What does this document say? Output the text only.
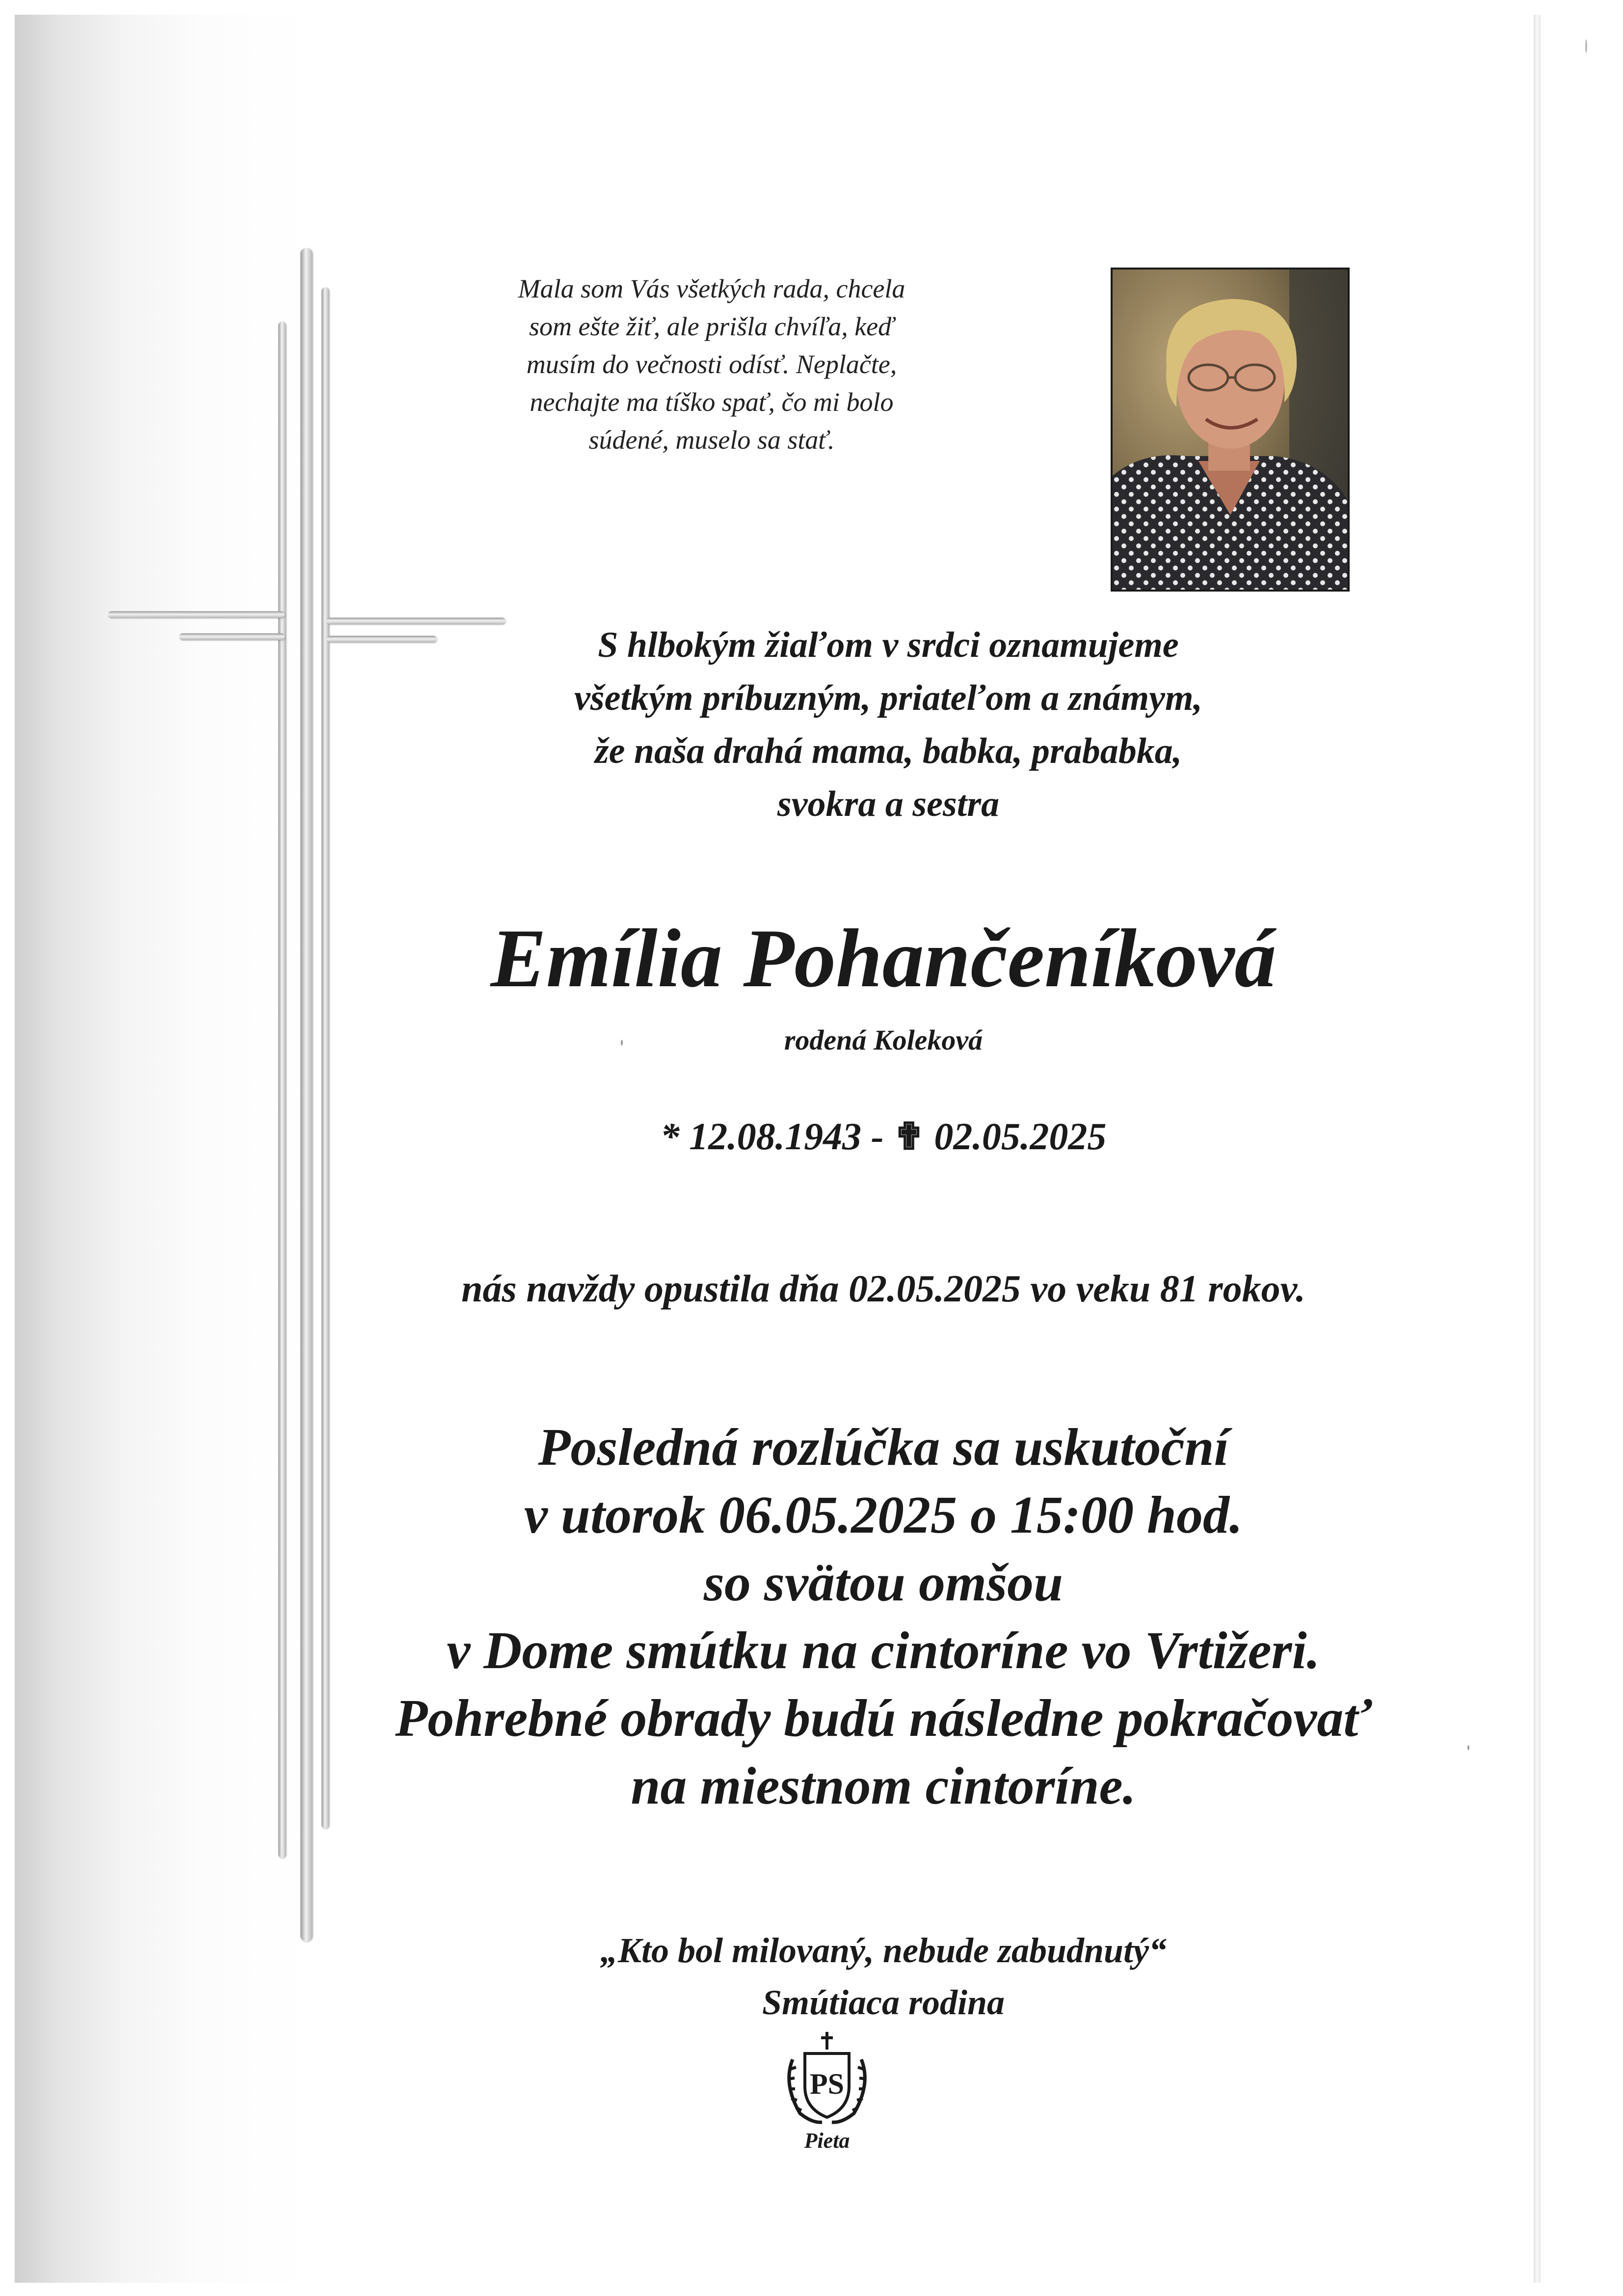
Mala som Vás všetkých rada, chcela
som ešte žiť, ale prišla chvíľa, keď
musím do večnosti odísť. Neplačte,
nechajte ma tíško spať, čo mi bolo
súdené, muselo sa stať.
S hlbokým žiaľom v srdci oznamujeme
všetkým príbuzným, priateľom a známym,
že naša drahá mama, babka, prababka,
svokra a sestra
Emília Pohančeníková
rodená Koleková
* 12.08.1943 - ✟ 02.05.2025
nás navždy opustila dňa 02.05.2025 vo veku 81 rokov.
Posledná rozlúčka sa uskutoční
v utorok 06.05.2025 o 15:00 hod.
so svätou omšou
v Dome smútku na cintoríne vo Vrtižeri.
Pohrebné obrady budú následne pokračovať
na miestnom cintoríne.
„Kto bol milovaný, nebude zabudnutý“
Smútiaca rodina
PS
Pieta
